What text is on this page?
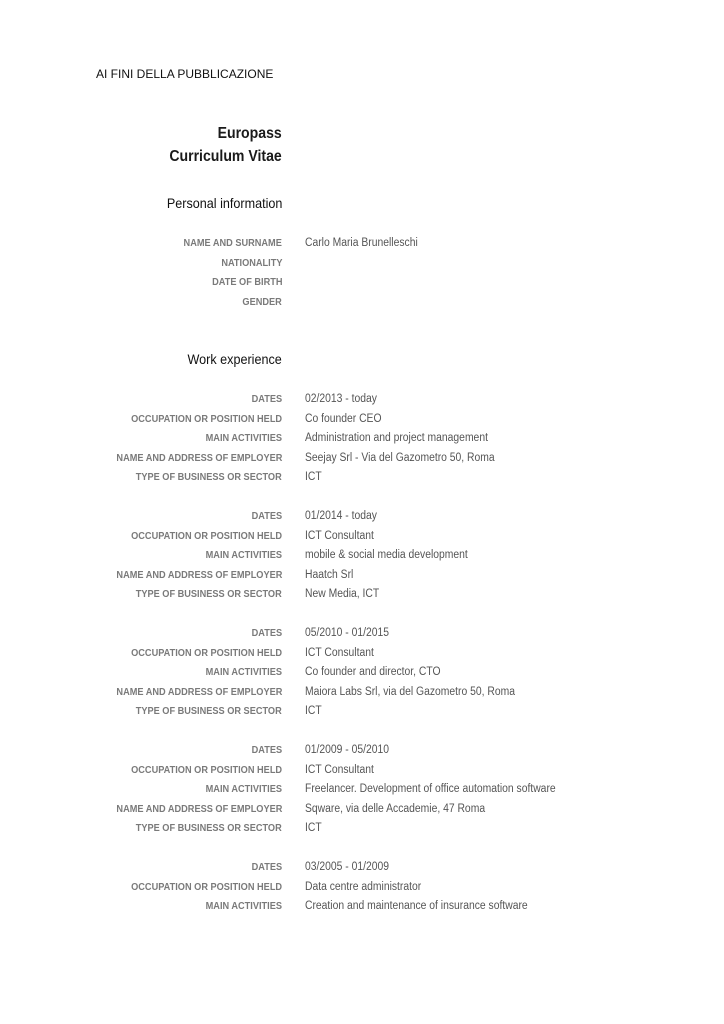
AI FINI DELLA PUBBLICAZIONE
Europass
Curriculum Vitae
Personal information
NAME AND SURNAME Carlo Maria Brunelleschi
NATIONALITY
DATE OF BIRTH
GENDER
Work experience
DATES 02/2013 - today
OCCUPATION OR POSITION HELD Co founder CEO
MAIN ACTIVITIES Administration and project management
NAME AND ADDRESS OF EMPLOYER Seejay Srl - Via del Gazometro 50, Roma
TYPE OF BUSINESS OR SECTOR ICT
DATES 01/2014 - today
OCCUPATION OR POSITION HELD ICT Consultant
MAIN ACTIVITIES mobile & social media development
NAME AND ADDRESS OF EMPLOYER Haatch Srl
TYPE OF BUSINESS OR SECTOR New Media, ICT
DATES 05/2010 - 01/2015
OCCUPATION OR POSITION HELD ICT Consultant
MAIN ACTIVITIES Co founder and director, CTO
NAME AND ADDRESS OF EMPLOYER Maiora Labs Srl, via del Gazometro 50, Roma
TYPE OF BUSINESS OR SECTOR ICT
DATES 01/2009 - 05/2010
OCCUPATION OR POSITION HELD ICT Consultant
MAIN ACTIVITIES Freelancer. Development of office automation software
NAME AND ADDRESS OF EMPLOYER Sqware, via delle Accademie, 47 Roma
TYPE OF BUSINESS OR SECTOR ICT
DATES 03/2005 - 01/2009
OCCUPATION OR POSITION HELD Data centre administrator
MAIN ACTIVITIES Creation and maintenance of insurance software
